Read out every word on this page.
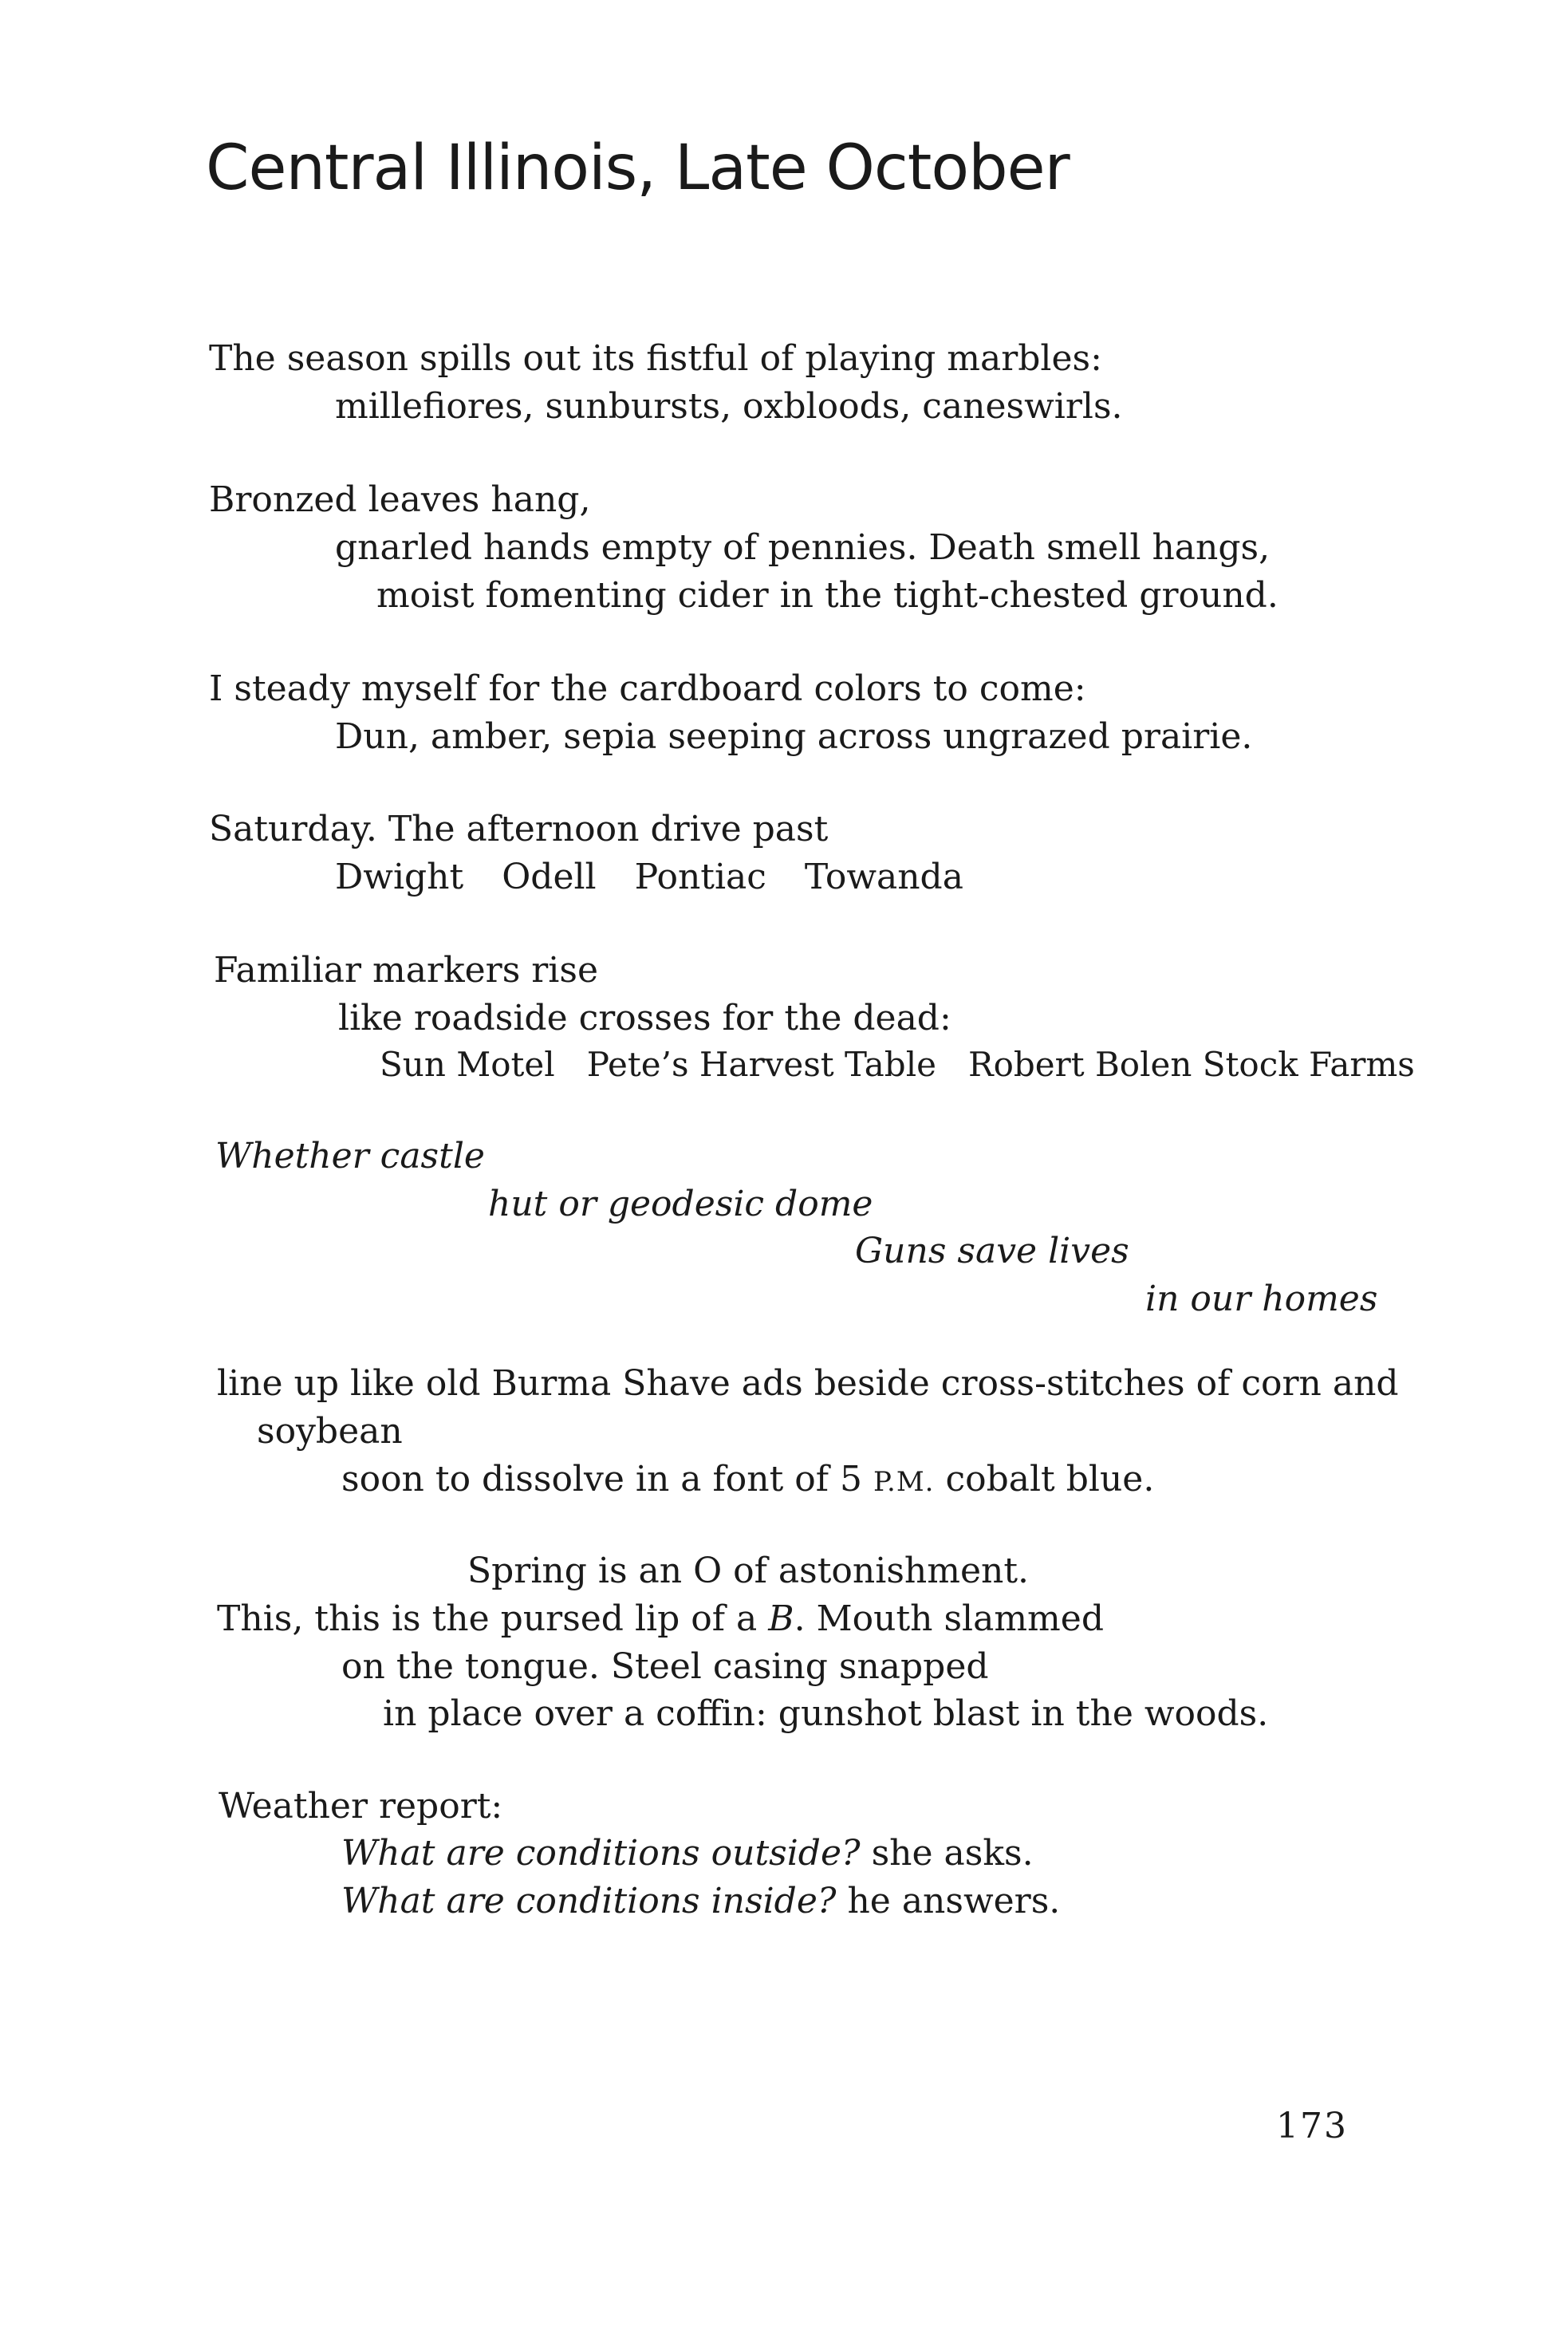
Central Illinois, Late October
The season spills out its fistful of playing marbles:
millefiores, sunbursts, oxbloods, caneswirls.
Bronzed leaves hang,
gnarled hands empty of pennies. Death smell hangs,
moist fomenting cider in the tight-chested ground.
I steady myself for the cardboard colors to come:
Dun, amber, sepia seeping across ungrazed prairie.
Saturday. The afternoon drive past
Dwight Odell Pontiac Towanda
Familiar markers rise
like roadside crosses for the dead:
Sun Motel Pete’s Harvest Table Robert Bolen Stock Farms
Whether castle
hut or geodesic dome
Guns save lives
in our homes
line up like old Burma Shave ads beside cross-stitches of corn and
soybean
soon to dissolve in a font of 5 P.M. cobalt blue.
Spring is an O of astonishment.
This, this is the pursed lip of a B. Mouth slammed
on the tongue. Steel casing snapped
in place over a coffin: gunshot blast in the woods.
Weather report:
What are conditions outside? she asks.
What are conditions inside? he answers.
173
